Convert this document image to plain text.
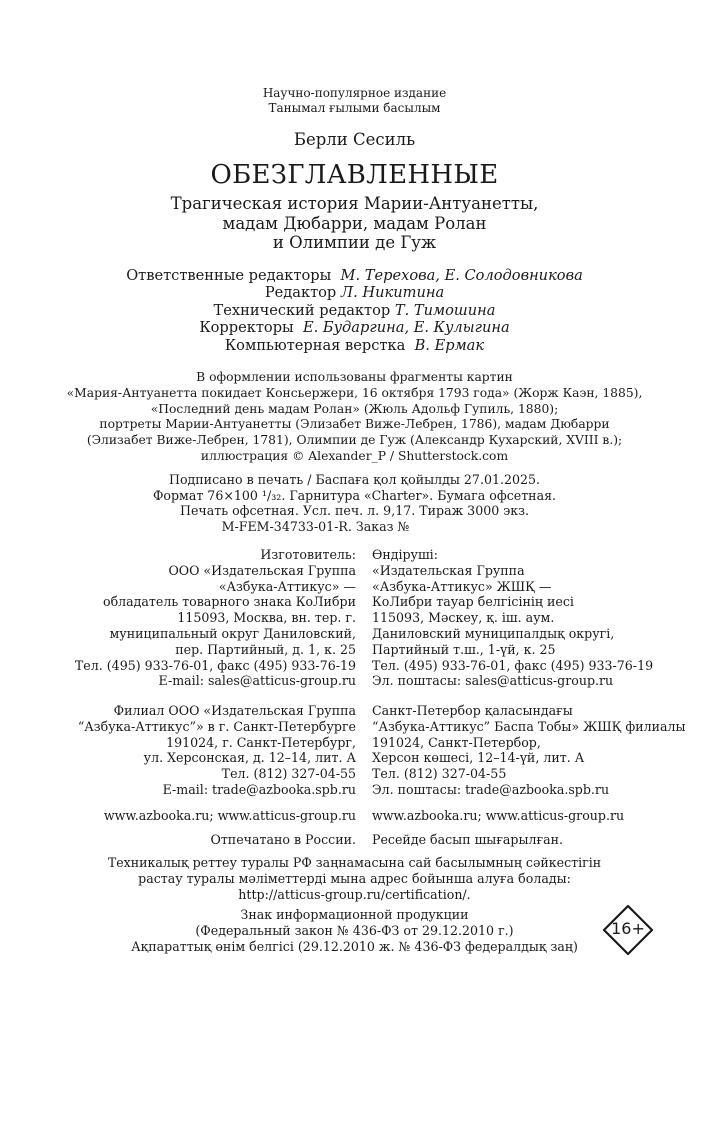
Научно-популярное издание
Танымал ғылыми басылым
Берли Сесиль
ОБЕЗГЛАВЛЕННЫЕ
Трагическая история Марии-Антуанетты,
мадам Дюбарри, мадам Ролан
и Олимпии де Гуж
Ответственные редакторы М. Терехова, Е. Солодовникова
Редактор Л. Никитина
Технический редактор Т. Тимошина
Корректоры Е. Бударгина, Е. Кулыгина
Компьютерная верстка В. Ермак
В оформлении использованы фрагменты картин
«Мария-Антуанетта покидает Консьержери, 16 октября 1793 года» (Жорж Каэн, 1885),
«Последний день мадам Ролан» (Жюль Адольф Гупиль, 1880);
портреты Марии-Антуанетты (Элизабет Виже-Лебрен, 1786), мадам Дюбарри
(Элизабет Виже-Лебрен, 1781), Олимпии де Гуж (Александр Кухарский, XVIII в.);
иллюстрация © Alexander_P / Shutterstock.com
Подписано в печать / Баспаға қол қойылды 27.01.2025.
Формат 76×100 ¹/₃₂. Гарнитура «Charter». Бумага офсетная.
Печать офсетная. Усл. печ. л. 9,17. Тираж 3000 экз.
M-FEM-34733-01-R. Заказ №
Изготовитель:
ООО «Издательская Группа
«Азбука-Аттикус» —
обладатель товарного знака КоЛибри
115093, Москва, вн. тер. г.
муниципальный округ Даниловский,
пер. Партийный, д. 1, к. 25
Тел. (495) 933-76-01, факс (495) 933-76-19
E-mail: sales@atticus-group.ru
Өндіруші:
«Издательская Группа
«Азбука-Аттикус» ЖШҚ —
КоЛибри тауар белгісінің иесі
115093, Мәскеу, қ. іш. аум.
Даниловский муниципалдық округі,
Партийный т.ш., 1-үй, к. 25
Тел. (495) 933-76-01, факс (495) 933-76-19
Эл. поштасы: sales@atticus-group.ru
Филиал ООО «Издательская Группа
“Азбука-Аттикус”» в г. Санкт-Петербурге
191024, г. Санкт-Петербург,
ул. Херсонская, д. 12–14, лит. А
Тел. (812) 327-04-55
E-mail: trade@azbooka.spb.ru
Санкт-Петербор қаласындағы
“Азбука-Аттикус” Баспа Тобы» ЖШҚ филиалы
191024, Санкт-Петербор,
Херсон көшесі, 12–14-үй, лит. А
Тел. (812) 327-04-55
Эл. поштасы: trade@azbooka.spb.ru
www.azbooka.ru; www.atticus-group.ru www.azbooka.ru; www.atticus-group.ru
Отпечатано в России. Ресейде басып шығарылған.
Техникалық реттеу туралы РФ заңнамасына сай басылымның сәйкестігін
растау туралы мәліметтерді мына адрес бойынша алуға болады:
http://atticus-group.ru/certification/.
Знак информационной продукции
(Федеральный закон № 436-ФЗ от 29.12.2010 г.)
Ақпараттық өнім белгісі (29.12.2010 ж. № 436-ФЗ федералдық заң)
16+
